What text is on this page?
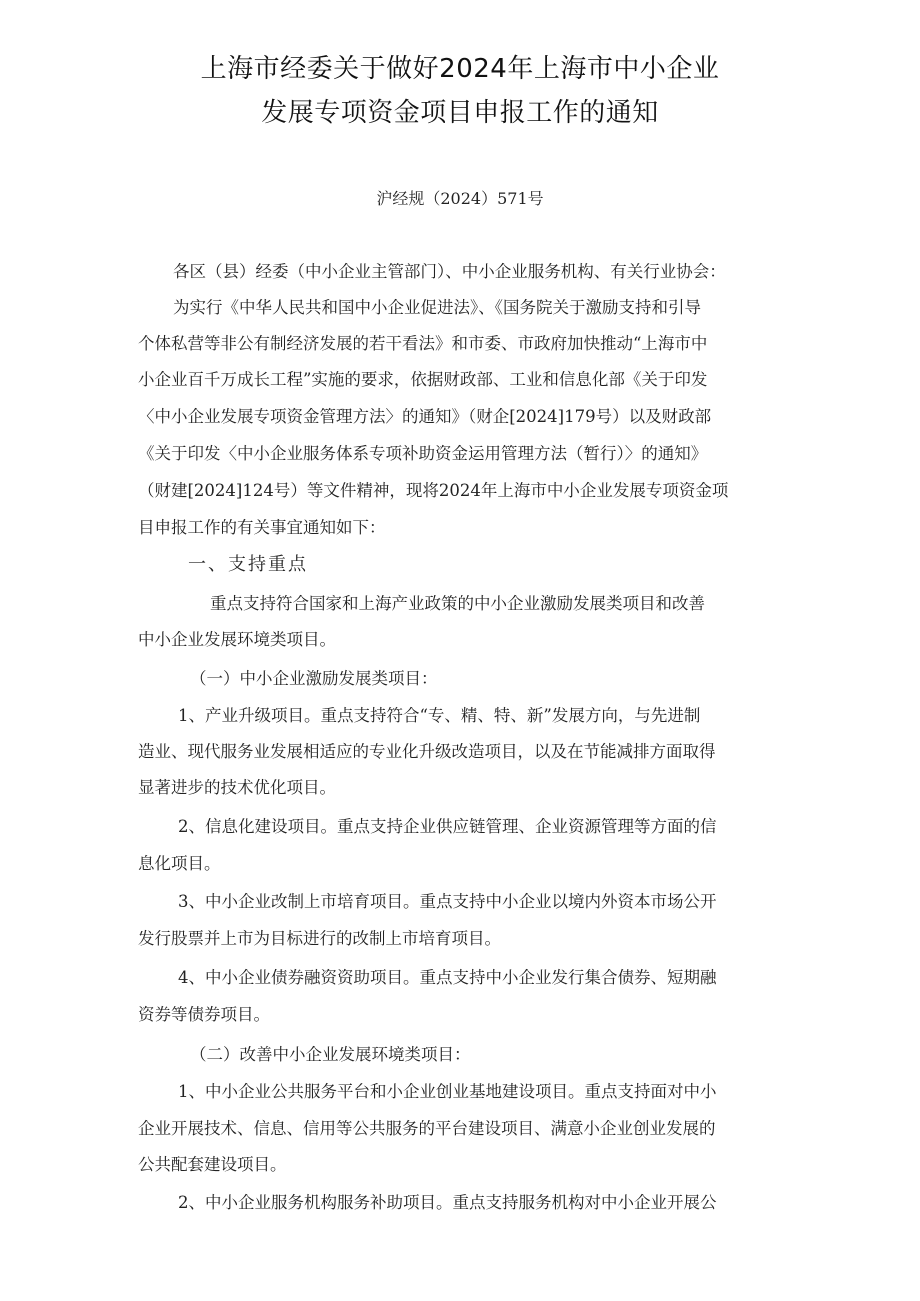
上海市经委关于做好2024年上海市中小企业
发展专项资金项目申报工作的通知
沪经规（2024）571号
各区（县）经委（中小企业主管部门）、中小企业服务机构、有关行业协会：
为实行《中华人民共和国中小企业促进法》、《国务院关于激励支持和引导
个体私营等非公有制经济发展的若干看法》和市委、市政府加快推动“上海市中
小企业百千万成长工程”实施的要求，依据财政部、工业和信息化部《关于印发
〈中小企业发展专项资金管理方法〉的通知》（财企[2024]179号）以及财政部
《关于印发〈中小企业服务体系专项补助资金运用管理方法（暂行）〉的通知》
（财建[2024]124号）等文件精神，现将2024年上海市中小企业发展专项资金项
目申报工作的有关事宜通知如下：
一、支持重点
重点支持符合国家和上海产业政策的中小企业激励发展类项目和改善
中小企业发展环境类项目。
（一）中小企业激励发展类项目：
1、产业升级项目。重点支持符合“专、精、特、新”发展方向，与先进制
造业、现代服务业发展相适应的专业化升级改造项目，以及在节能减排方面取得
显著进步的技术优化项目。
2、信息化建设项目。重点支持企业供应链管理、企业资源管理等方面的信
息化项目。
3、中小企业改制上市培育项目。重点支持中小企业以境内外资本市场公开
发行股票并上市为目标进行的改制上市培育项目。
4、中小企业债券融资资助项目。重点支持中小企业发行集合债券、短期融
资券等债券项目。
（二）改善中小企业发展环境类项目：
1、中小企业公共服务平台和小企业创业基地建设项目。重点支持面对中小
企业开展技术、信息、信用等公共服务的平台建设项目、满意小企业创业发展的
公共配套建设项目。
2、中小企业服务机构服务补助项目。重点支持服务机构对中小企业开展公
